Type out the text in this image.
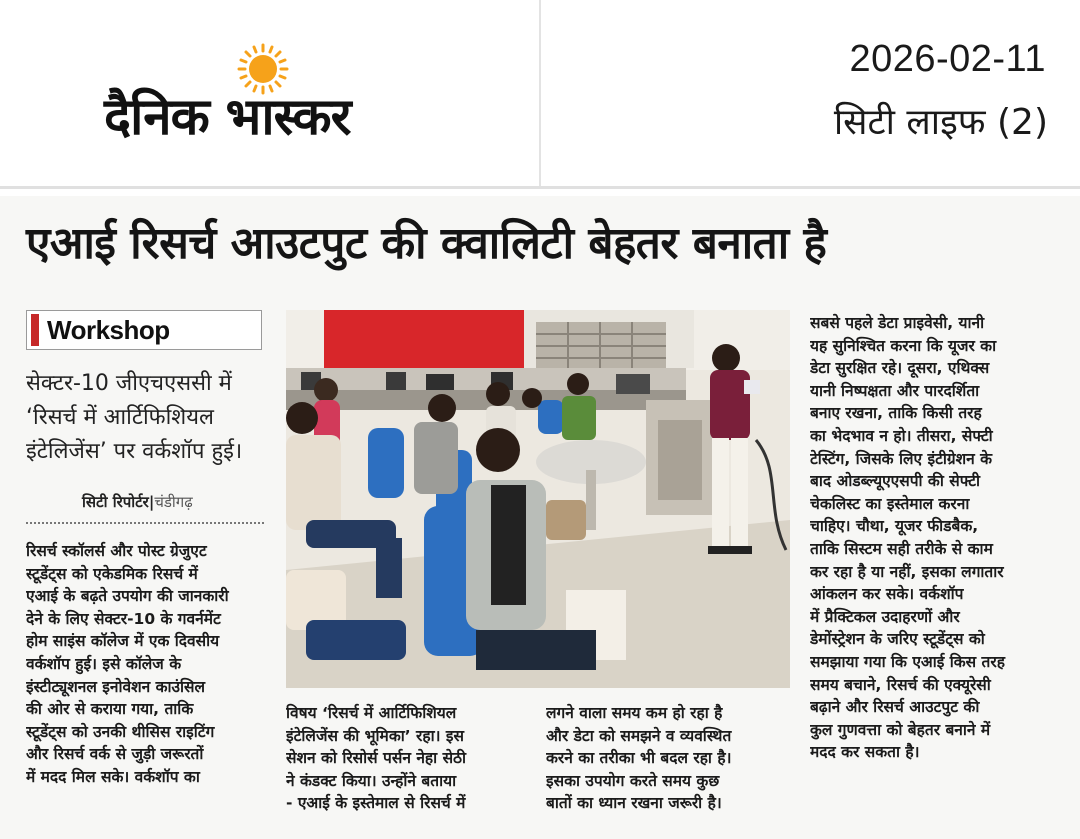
दैनिक भास्कर
2026-02-11
सिटी लाइफ (2)
एआई रिसर्च आउटपुट की क्वालिटी बेहतर बनाता है
Workshop
सेक्टर-10 जीएचएससी में
‘रिसर्च में आर्टिफिशियल
इंटेलिजेंस’ पर वर्कशॉप हुई।
सिटी रिपोर्टर|चंडीगढ़
रिसर्च स्कॉलर्स और पोस्ट ग्रेजुएट
स्टूडेंट्स को एकेडमिक रिसर्च में
एआई के बढ़ते उपयोग की जानकारी
देने के लिए सेक्टर-10 के गवर्नमेंट
होम साइंस कॉलेज में एक दिवसीय
वर्कशॉप हुई। इसे कॉलेज के
इंस्टीट्यूशनल इनोवेशन काउंसिल
की ओर से कराया गया, ताकि
स्टूडेंट्स को उनकी थीसिस राइटिंग
और रिसर्च वर्क से जुड़ी जरूरतों
में मदद मिल सके। वर्कशॉप का
विषय ‘रिसर्च में आर्टिफिशियल
इंटेलिजेंस की भूमिका’ रहा। इस
सेशन को रिसोर्स पर्सन नेहा सेठी
ने कंडक्ट किया। उन्होंने बताया
- एआई के इस्तेमाल से रिसर्च में
लगने वाला समय कम हो रहा है
और डेटा को समझने व व्यवस्थित
करने का तरीका भी बदल रहा है।
इसका उपयोग करते समय कुछ
बातों का ध्यान रखना जरूरी है।
सबसे पहले डेटा प्राइवेसी, यानी
यह सुनिश्चित करना कि यूजर का
डेटा सुरक्षित रहे। दूसरा, एथिक्स
यानी निष्पक्षता और पारदर्शिता
बनाए रखना, ताकि किसी तरह
का भेदभाव न हो। तीसरा, सेफ्टी
टेस्टिंग, जिसके लिए इंटीग्रेशन के
बाद ओडब्ल्यूएएसपी की सेफ्टी
चेकलिस्ट का इस्तेमाल करना
चाहिए। चौथा, यूजर फीडबैक,
ताकि सिस्टम सही तरीके से काम
कर रहा है या नहीं, इसका लगातार
आंकलन कर सके। वर्कशॉप
में प्रैक्टिकल उदाहरणों और
डेमोंस्ट्रेशन के जरिए स्टूडेंट्स को
समझाया गया कि एआई किस तरह
समय बचाने, रिसर्च की एक्यूरेसी
बढ़ाने और रिसर्च आउटपुट की
कुल गुणवत्ता को बेहतर बनाने में
मदद कर सकता है।
